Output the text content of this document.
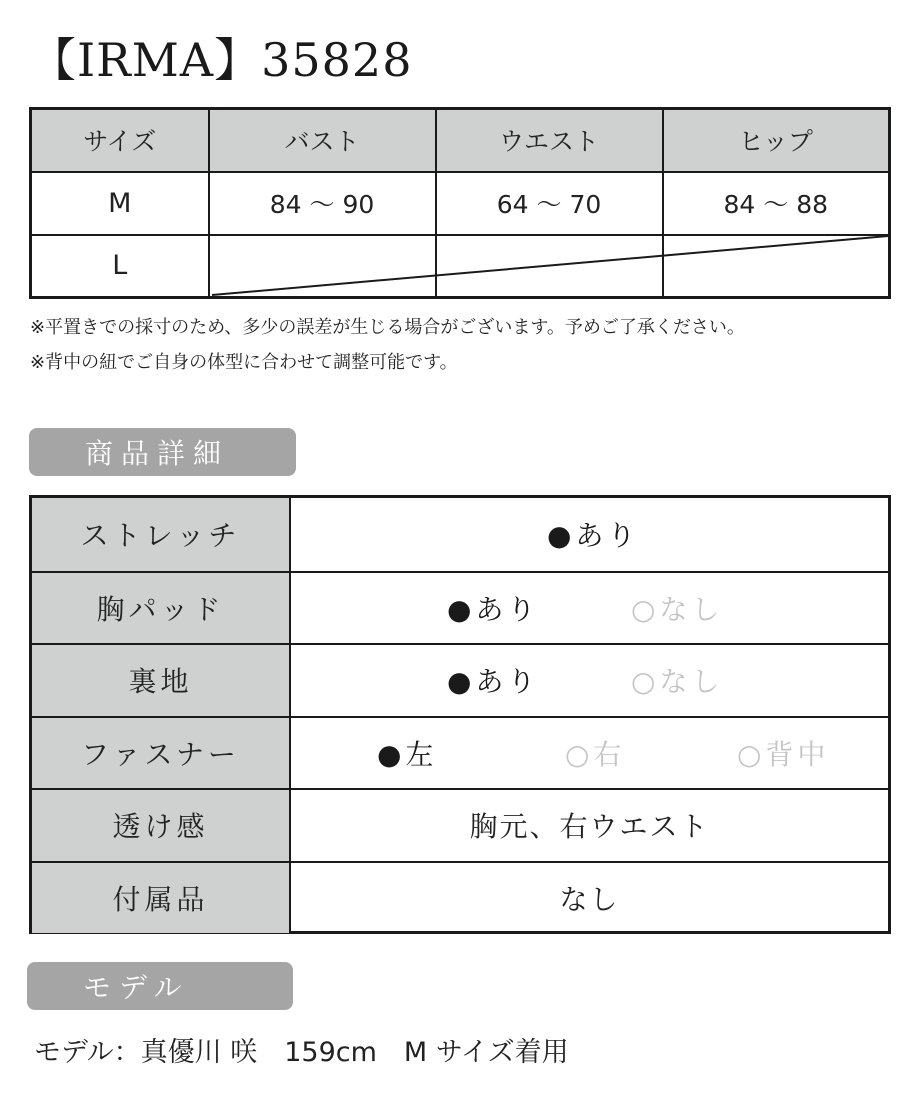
【IRMA】35828
サイズ	バスト	ウエスト	ヒップ
M	84 〜 90	64 〜 70	84 〜 88
L			
※平置きでの採寸のため、多少の誤差が生じる場合がございます。予めご了承ください。
※背中の紐でご自身の体型に合わせて調整可能です。
商品詳細
ストレッチ	●あり
胸パッド	●あり	○なし
裏地	●あり	○なし
ファスナー	●左	○右	○背中
透け感	胸元、右ウエスト
付属品	なし
モデル
モデル：真優川 咲　159cm　M サイズ着用
